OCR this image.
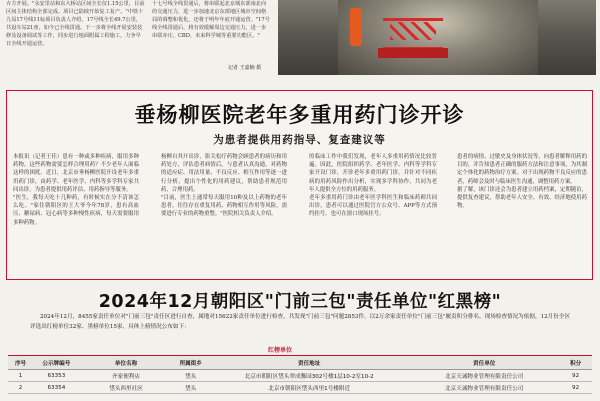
卉方开展。"永安里站和东大桥站区间全长仅1.15公里，目前区间主体结构全部完成。项目已陆续开始复工复产。"中铁十九局17号线11标项目负责人介绍，17号线全长49.7公里，共设车站21座，如今已全线贯通。下一步将全线开展安装装修及设备调试等工作，同步进行地面附属工程施工，力争早日全线开通运营。

十七号线全线贯通后，将串联起北京城东部南北向的交通压力，进一步加速北京东部地区城市空间格局的调整和优化，还将于明年年底开通运营。"17号线全线贯通后，将有效缓解周边交通压力，进一步串联亦庄、CBD、未来科学城等重要功能区。"

记者 王嘉楠 摄
垂杨柳医院老年多重用药门诊开诊
为患者提供用药指导、复查建议等

本报讯（记者王佳）患有一种或多种疾病，服用多种药物，这些药物需要怎样合理用药？不少老年人面临这样的困扰。近日，北京市垂杨柳医院开设老年多重用药门诊，由药学、老年医学、内科等多学科专家共同出诊，为患者提供用药评估、用药指导等服务。

"医生，我每天吃十几种药，有时候实在分不清该怎么吃。"家住朝阳区的王大爷今年78岁，患有高血压、糖尿病、冠心病等多种慢性疾病，每天需要服用多种药物。

杨柳自其开出诊，影关松疗药物会顾患者的病历和用药处方，评估患者病情后，与患者认真沟通，对药物的适应症、用法用量、不良反应、相互作用等逐一进行分析，提出个性化的用药建议，帮助患者规范用药、合理用药。

"目前，医生上通常每天服用10种及以上药物的老年患者，往往存在重复用药、药物相互作用等风险，需要进行专业的药物重整。"医院相关负责人介绍。

的临床工作中我们发现，老年人多重用药情况比较普遍。因此，医院组织药学、老年医学、内科等学科专家开设门诊，开诊老年多重用药门诊，并针对不同疾病的用药风险作出分析，实现多学科协作、共同为老年人提供全方位的用药服务。

老年多重用药门诊由老年医学科医生和临床药师共同出诊，患者可以通过医院官方公众号、APP等方式预约挂号，也可在窗口现场挂号。

患者的病情、过敏史及身体状况等，向患者解释用药的目的，并告知患者正确的服药方法和注意事项，为其制定个体化的药物治疗方案。对于出现药物不良反应的患者，药师会及时与临床医生沟通，调整用药方案。

据了解，该门诊还会为患者建立用药档案，定期随访，提供复查建议，帮助老年人安全、有效、经济地使用药物。

2024年12月朝阳区"门前三包"责任单位"红黑榜"
2024年12月，8455家责任单位对"门前三包"责任区进行自查，属地对15622家责任单位进行检查，共发现"门前三包"问题2853件。以2万余家责任单位"门前三包"履责积分排名、现场检查情况为依据，12月份全区评选出红榜单位32家、黑榜单位15家，具体上榜情况公布如下：
红榜单位
序号	公示牌编号	单位名称	所属街乡	责任地址	责任单位	积分
1	63353	齐家便利店	垡头	北京市朝阳区垡头翠成馨园302号楼1层10-2室10-2	北京天诚物业管理有限责任公司	92
2	63354	垡头西里社区	垡头	北京市朝阳区垡头西里1号楼附近	北京天诚物业管理有限责任公司	92
